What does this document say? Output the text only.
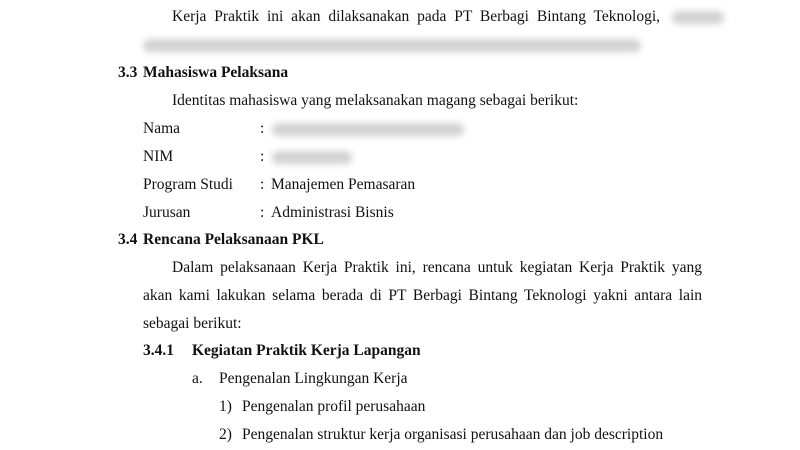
Kerja Praktik ini akan dilaksanakan pada PT Berbagi Bintang Teknologi,
3.3 Mahasiswa Pelaksana
Identitas mahasiswa yang melaksanakan magang sebagai berikut:
Nama	:
NIM	:
Program Studi : Manajemen Pemasaran
Jurusan	: Administrasi Bisnis
3.4 Rencana Pelaksanaan PKL
Dalam pelaksanaan Kerja Praktik ini, rencana untuk kegiatan Kerja Praktik yang
akan kami lakukan selama berada di PT Berbagi Bintang Teknologi yakni antara lain
sebagai berikut:
3.4.1 Kegiatan Praktik Kerja Lapangan
a. Pengenalan Lingkungan Kerja
1) Pengenalan profil perusahaan
2) Pengenalan struktur kerja organisasi perusahaan dan job description
